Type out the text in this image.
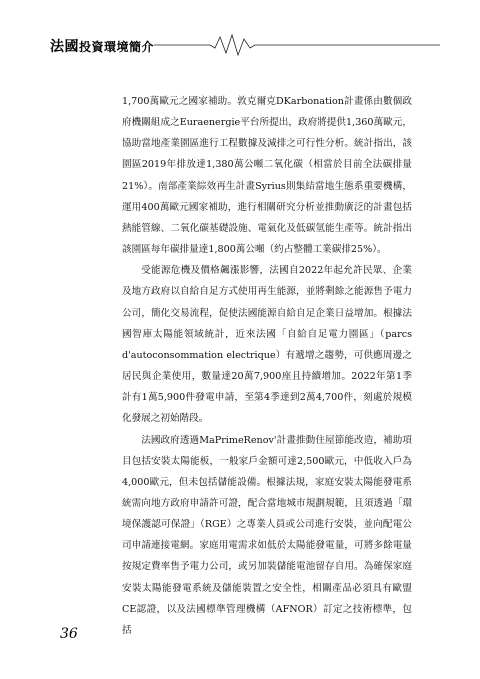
法國投資環境簡介

1,700萬歐元之國家補助。敦克爾克DKarbonation計畫係由數個政府機關組成之Euraenergie平台所提出，政府將提供1,360萬歐元，協助當地產業園區進行工程數據及減排之可行性分析。統計指出，該園區2019年排放達1,380萬公噸二氧化碳（相當於目前全法碳排量21%）。南部產業綜效再生計畫Syrius則集結當地生態系重要機構，運用400萬歐元國家補助，進行相關研究分析並推動廣泛的計畫包括熱能管線、二氧化碳基礎設施、電氣化及低碳氫能生產等。統計指出該園區每年碳排量達1,800萬公噸（約占整體工業碳排25%）。

受能源危機及價格飆漲影響，法國自2022年起允許民眾、企業及地方政府以自給自足方式使用再生能源，並將剩餘之能源售予電力公司，簡化交易流程，促使法國能源自給自足企業日益增加。根據法國智庫太陽能領域統計，近來法國「自給自足電力園區」（parcs d'autoconsommation electrique）有遞增之趨勢，可供應周邊之居民與企業使用，數量達20萬7,900座且持續增加。2022年第1季計有1萬5,900件發電申請，至第4季達到2萬4,700件，刻處於規模化發展之初始階段。

法國政府透過MaPrimeRenov'計畫推動住屋節能改造，補助項目包括安裝太陽能板，一般家戶金額可達2,500歐元，中低收入戶為4,000歐元，但未包括儲能設備。根據法規，家庭安裝太陽能發電系統需向地方政府申請許可證，配合當地城市規劃規範，且須透過「環境保護認可保證」（RGE）之專業人員或公司進行安裝，並向配電公司申請連接電網。家庭用電需求如低於太陽能發電量，可將多餘電量按規定費率售予電力公司，或另加裝儲能電池留存自用。為確保家庭安裝太陽能發電系統及儲能裝置之安全性，相關產品必須具有歐盟CE認證，以及法國標準管理機構（AFNOR）訂定之技術標準，包括

36
